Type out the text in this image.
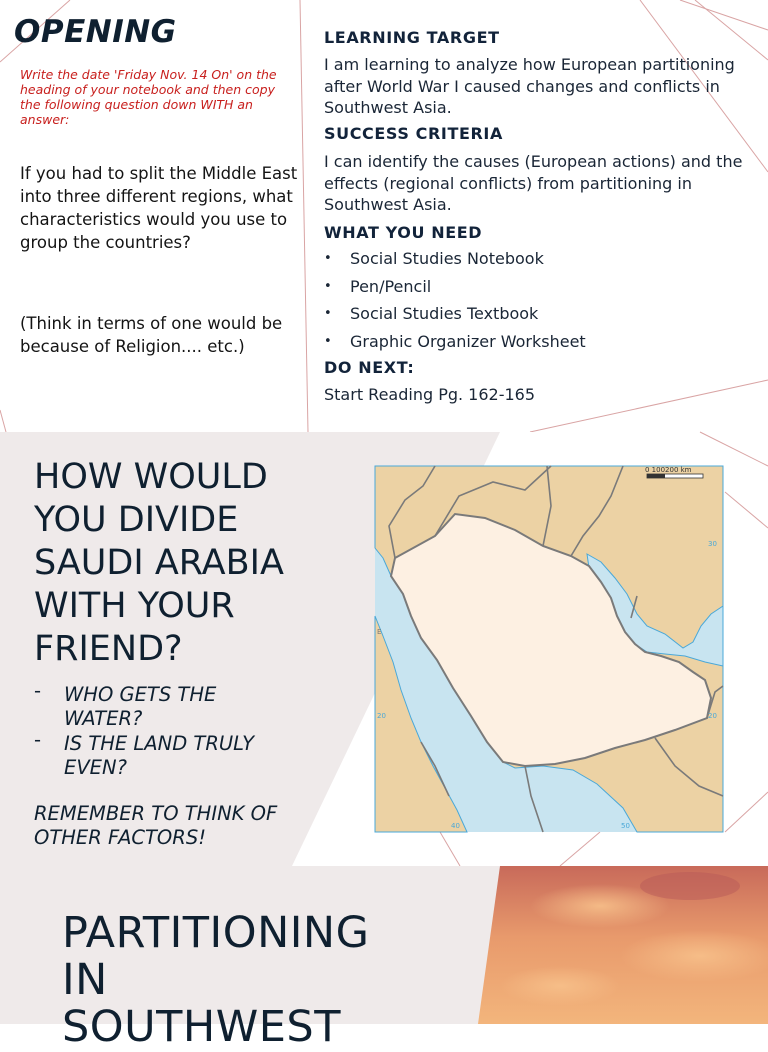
OPENING
Write the date 'Friday Nov. 14 On' on the heading of your notebook and then copy the following question down WITH an answer:
If you had to split the Middle East into three different regions, what characteristics would you use to group the countries?
(Think in terms of one would be because of Religion.... etc.)
LEARNING TARGET
I am learning to analyze how European partitioning after World War I caused changes and conflicts in Southwest Asia.
SUCCESS CRITERIA
I can identify the causes (European actions) and the effects (regional conflicts) from partitioning in Southwest Asia.
WHAT YOU NEED
• Social Studies Notebook
• Pen/Pencil
• Social Studies Textbook
• Graphic Organizer Worksheet
DO NEXT:
Start Reading Pg. 162-165
HOW WOULD YOU DIVIDE SAUDI ARABIA WITH YOUR FRIEND?
- WHO GETS THE WATER?
- IS THE LAND TRULY EVEN?
REMEMBER TO THINK OF OTHER FACTORS!
0 100200 km
30
20
20
40	50
E
PARTITIONING IN SOUTHWEST
